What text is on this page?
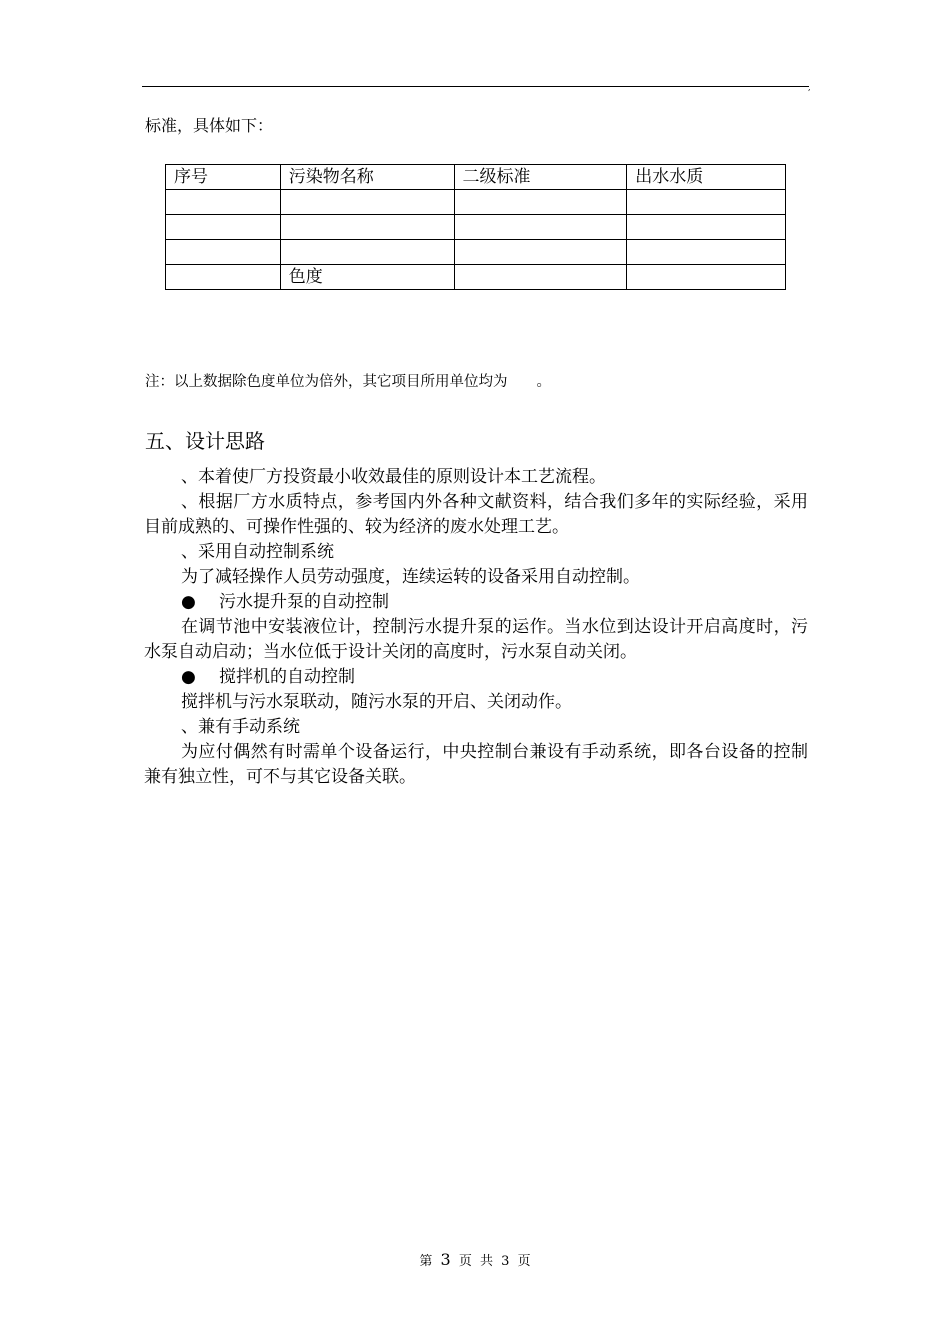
,
标准，具体如下：
序号	污染物名称	二级标准	出水水质

	色度		
注：以上数据除色度单位为倍外，其它项目所用单位均为　　。
五、设计思路

、本着使厂方投资最小收效最佳的原则设计本工艺流程。

、根据厂方水质特点，参考国内外各种文献资料，结合我们多年的实际经验，采用目前成熟的、可操作性强的、较为经济的废水处理工艺。

、采用自动控制系统

为了减轻操作人员劳动强度，连续运转的设备采用自动控制。

● 污水提升泵的自动控制

在调节池中安装液位计，控制污水提升泵的运作。当水位到达设计开启高度时，污水泵自动启动；当水位低于设计关闭的高度时，污水泵自动关闭。

● 搅拌机的自动控制

搅拌机与污水泵联动，随污水泵的开启、关闭动作。

、兼有手动系统

为应付偶然有时需单个设备运行，中央控制台兼设有手动系统，即各台设备的控制兼有独立性，可不与其它设备关联。

第 3 页 共 3 页
